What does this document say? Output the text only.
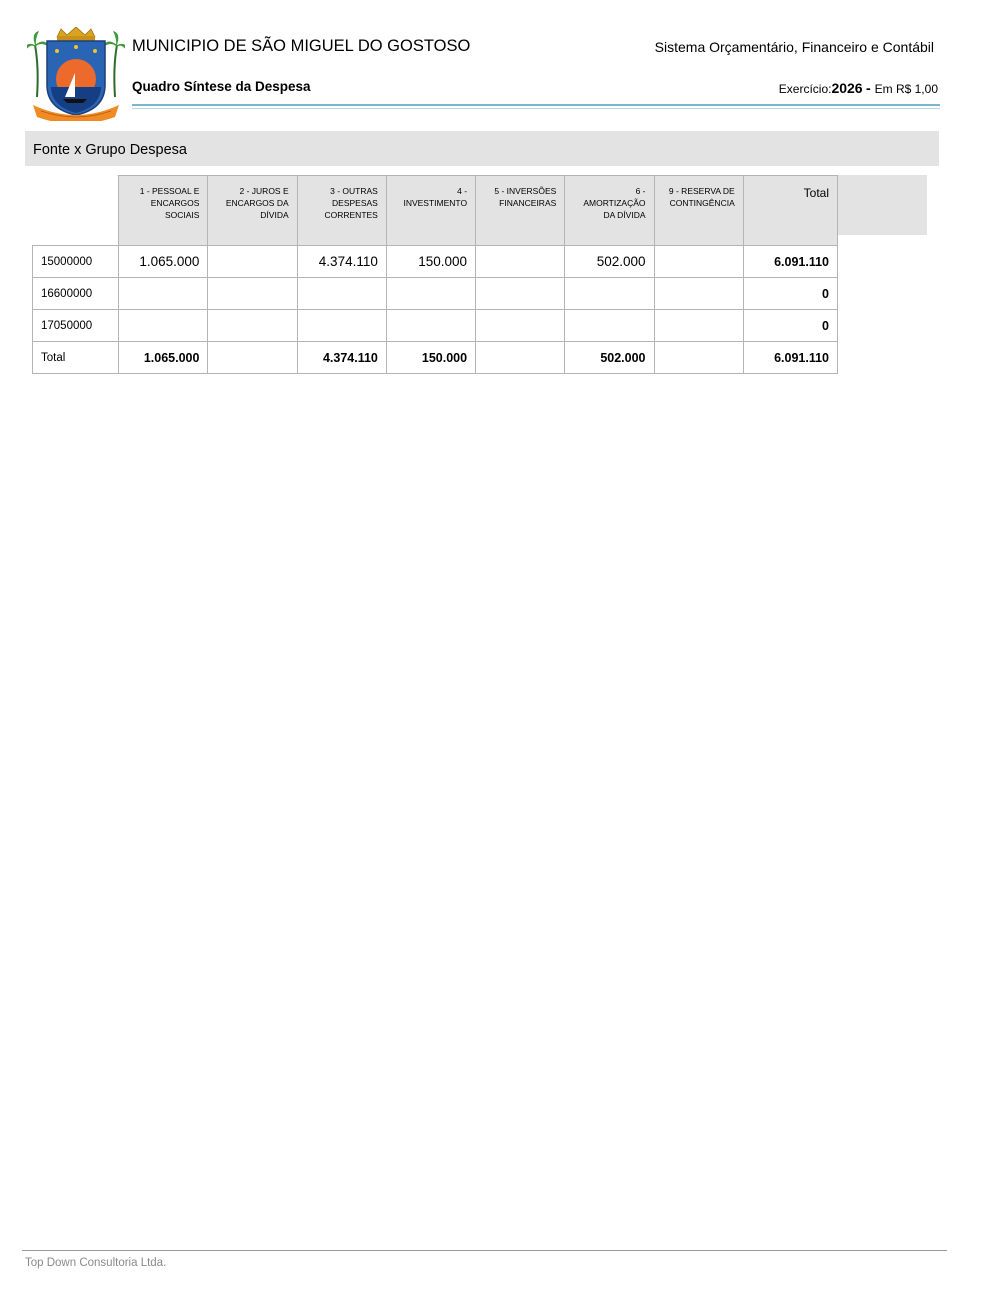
MUNICIPIO DE SÃO MIGUEL DO GOSTOSO	Sistema Orçamentário, Financeiro e Contábil
Quadro Síntese da Despesa	Exercício:2026 - Em R$ 1,00
Fonte x Grupo Despesa
	1 - PESSOAL E ENCARGOS SOCIAIS	2 - JUROS E ENCARGOS DA DÍVIDA	3 - OUTRAS DESPESAS CORRENTES	4 - INVESTIMENTO	5 - INVERSÕES FINANCEIRAS	6 - AMORTIZAÇÃO DA DÍVIDA	9 - RESERVA DE CONTINGÊNCIA	Total
15000000	1.065.000		4.374.110	150.000		502.000		6.091.110
16600000								0
17050000								0
Total	1.065.000		4.374.110	150.000		502.000		6.091.110
Top Down Consultoria Ltda.
